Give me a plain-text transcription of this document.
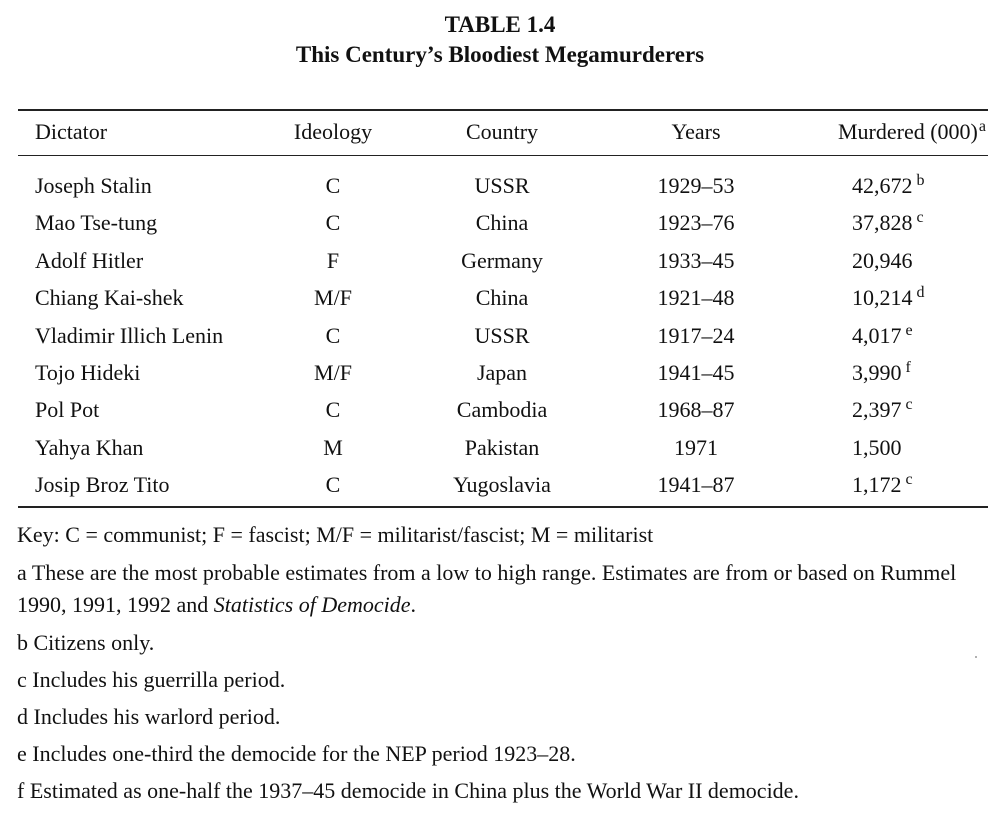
TABLE 1.4
This Century’s Bloodiest Megamurderers
Dictator	Ideology	Country	Years	Murdered $(000)^a$
Joseph Stalin	C	USSR	1929–53	42,672 $^b$
Mao Tse-tung	C	China	1923–76	37,828 $^c$
Adolf Hitler	F	Germany	1933–45	20,946
Chiang Kai-shek	M/F	China	1921–48	10,214 $^d$
Vladimir Illich Lenin	C	USSR	1917–24	4,017 $^e$
Tojo Hideki	M/F	Japan	1941–45	3,990 $^f$
Pol Pot	C	Cambodia	1968–87	2,397 $^c$
Yahya Khan	M	Pakistan	1971	1,500
Josip Broz Tito	C	Yugoslavia	1941–87	1,172 $^c$
Key: C = communist; F = fascist; M/F = militarist/fascist; M = militarist
a These are the most probable estimates from a low to high range. Estimates are from or based on Rummel 1990, 1991, 1992 and Statistics of Democide.
b Citizens only.
c Includes his guerrilla period.
d Includes his warlord period.
e Includes one-third the democide for the NEP period 1923–28.
f Estimated as one-half the 1937–45 democide in China plus the World War II democide.
